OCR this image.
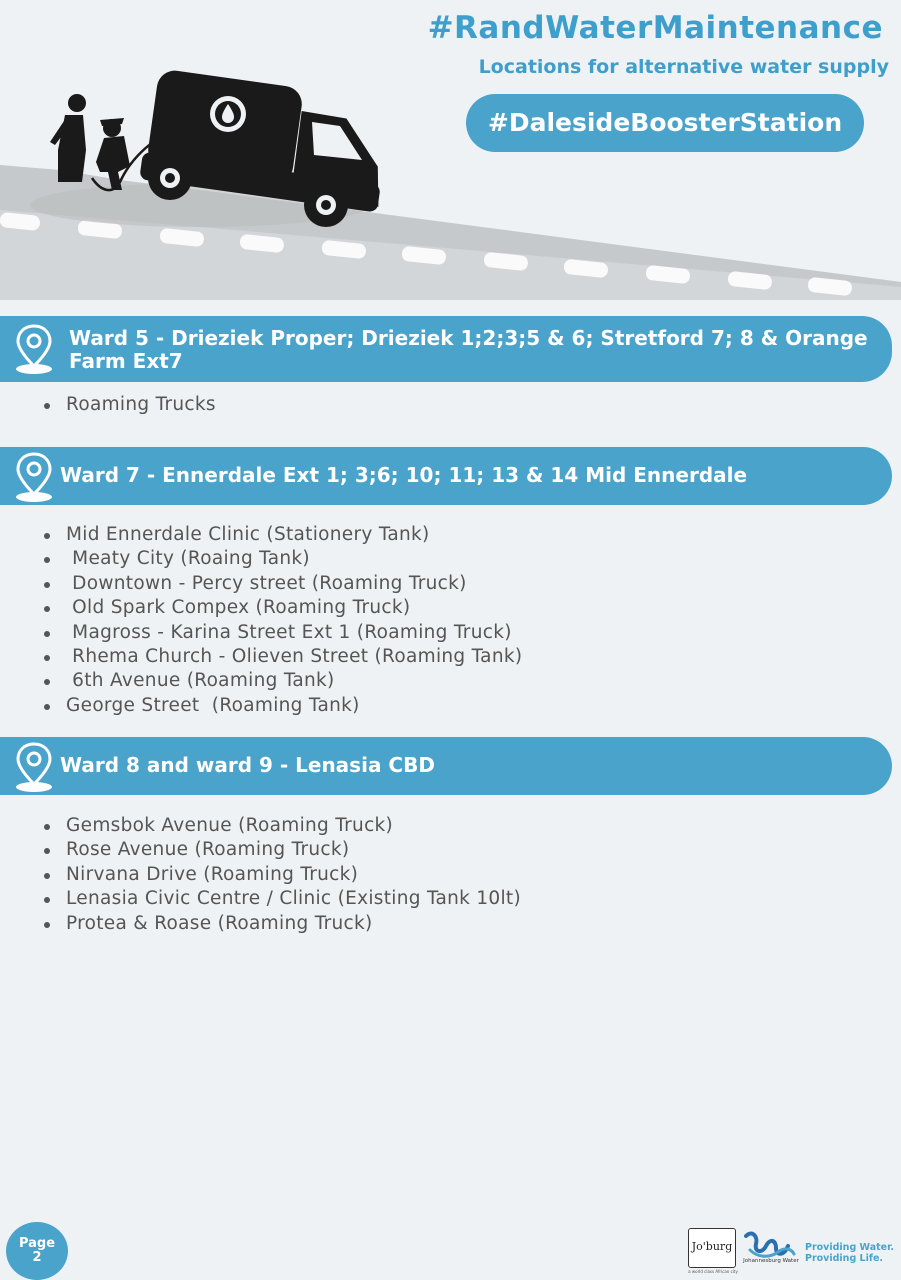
#RandWaterMaintenance

Locations for alternative water supply

#DalesideBoosterStation
Ward 5 - Drieziek Proper; Drieziek 1;2;3;5 & 6; Stretford 7; 8 & Orange
Farm Ext7
Roaming Trucks
Ward 7 - Ennerdale Ext 1; 3;6; 10; 11; 13 & 14 Mid Ennerdale
Mid Ennerdale Clinic (Stationery Tank)
Meaty City (Roaing Tank)
Downtown - Percy street (Roaming Truck)
Old Spark Compex (Roaming Truck)
Magross - Karina Street Ext 1 (Roaming Truck)
Rhema Church - Olieven Street (Roaming Tank)
6th Avenue (Roaming Tank)
George Street  (Roaming Tank)
Ward 8 and ward 9 - Lenasia CBD
Gemsbok Avenue (Roaming Truck)
Rose Avenue (Roaming Truck)
Nirvana Drive (Roaming Truck)
Lenasia Civic Centre / Clinic (Existing Tank 10lt)
Protea & Roase (Roaming Truck)
Page
2
Jo'burg
a world class African city
Johannesburg Water
Providing Water.
Providing Life.
